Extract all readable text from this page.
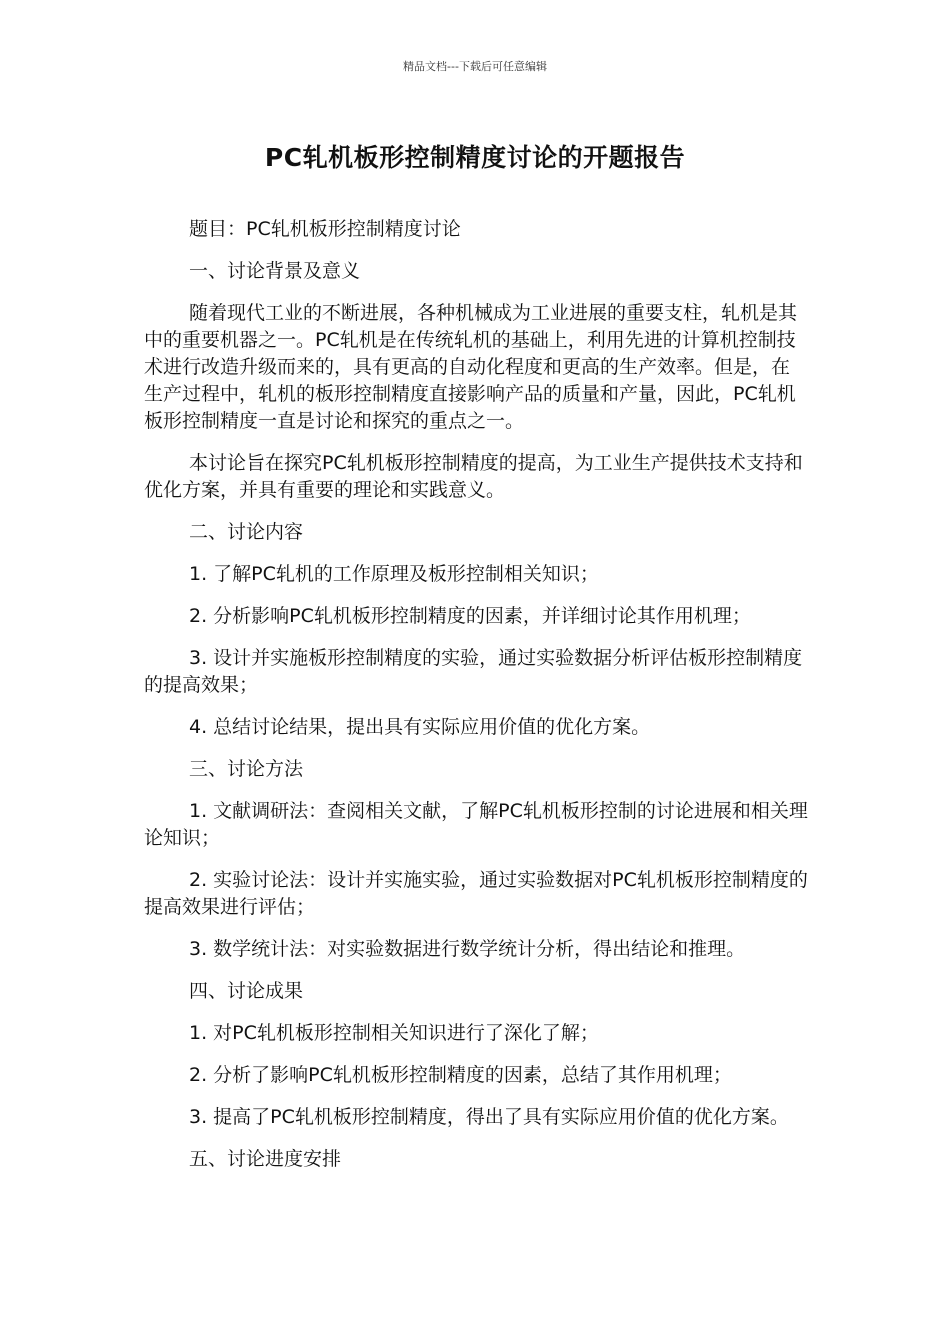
精品文档---下载后可任意编辑
PC轧机板形控制精度讨论的开题报告

题目：PC轧机板形控制精度讨论

一、讨论背景及意义

随着现代工业的不断进展，各种机械成为工业进展的重要支柱，轧机是其中的重要机器之一。PC轧机是在传统轧机的基础上，利用先进的计算机控制技术进行改造升级而来的，具有更高的自动化程度和更高的生产效率。但是，在生产过程中，轧机的板形控制精度直接影响产品的质量和产量，因此，PC轧机板形控制精度一直是讨论和探究的重点之一。

本讨论旨在探究PC轧机板形控制精度的提高，为工业生产提供技术支持和优化方案，并具有重要的理论和实践意义。

二、讨论内容

1. 了解PC轧机的工作原理及板形控制相关知识；

2. 分析影响PC轧机板形控制精度的因素，并详细讨论其作用机理；

3. 设计并实施板形控制精度的实验，通过实验数据分析评估板形控制精度的提高效果；

4. 总结讨论结果，提出具有实际应用价值的优化方案。

三、讨论方法

1. 文献调研法：查阅相关文献，了解PC轧机板形控制的讨论进展和相关理论知识；

2. 实验讨论法：设计并实施实验，通过实验数据对PC轧机板形控制精度的提高效果进行评估；

3. 数学统计法：对实验数据进行数学统计分析，得出结论和推理。

四、讨论成果

1. 对PC轧机板形控制相关知识进行了深化了解；

2. 分析了影响PC轧机板形控制精度的因素，总结了其作用机理；

3. 提高了PC轧机板形控制精度，得出了具有实际应用价值的优化方案。

五、讨论进度安排
